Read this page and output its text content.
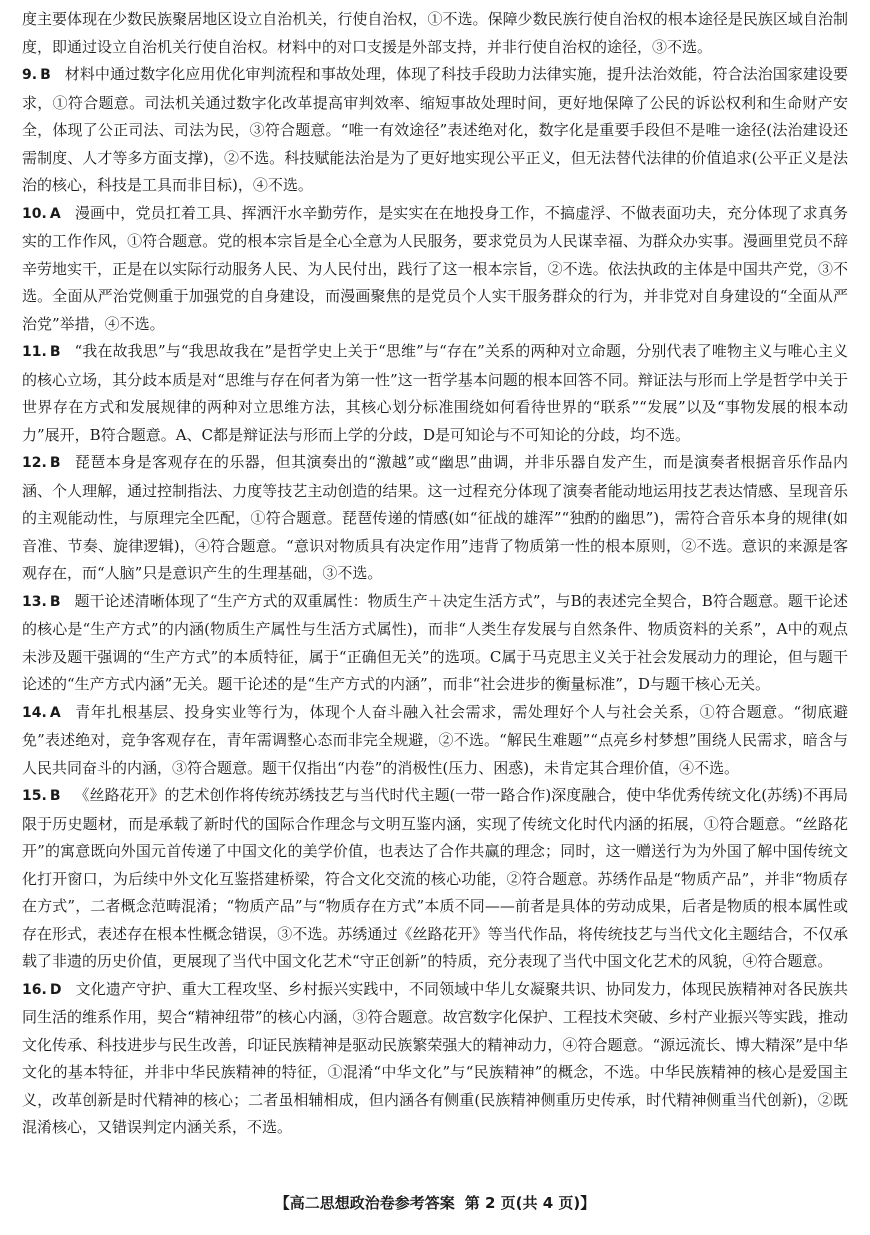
度主要体现在少数民族聚居地区设立自治机关，行使自治权，①不选。保障少数民族行使自治权的根本途径是民族区域自治制度，即通过设立自治机关行使自治权。材料中的对口支援是外部支持，并非行使自治权的途径，③不选。

9. B 材料中通过数字化应用优化审判流程和事故处理，体现了科技手段助力法律实施，提升法治效能，符合法治国家建设要求，①符合题意。司法机关通过数字化改革提高审判效率、缩短事故处理时间，更好地保障了公民的诉讼权利和生命财产安全，体现了公正司法、司法为民，③符合题意。“唯一有效途径”表述绝对化，数字化是重要手段但不是唯一途径(法治建设还需制度、人才等多方面支撑)，②不选。科技赋能法治是为了更好地实现公平正义，但无法替代法律的价值追求(公平正义是法治的核心，科技是工具而非目标)，④不选。

10. A 漫画中，党员扛着工具、挥洒汗水辛勤劳作，是实实在在地投身工作，不搞虚浮、不做表面功夫，充分体现了求真务实的工作作风，①符合题意。党的根本宗旨是全心全意为人民服务，要求党员为人民谋幸福、为群众办实事。漫画里党员不辞辛劳地实干，正是在以实际行动服务人民、为人民付出，践行了这一根本宗旨，②不选。依法执政的主体是中国共产党，③不选。全面从严治党侧重于加强党的自身建设，而漫画聚焦的是党员个人实干服务群众的行为，并非党对自身建设的“全面从严治党”举措，④不选。

11. B “我在故我思”与“我思故我在”是哲学史上关于“思维”与“存在”关系的两种对立命题，分别代表了唯物主义与唯心主义的核心立场，其分歧本质是对“思维与存在何者为第一性”这一哲学基本问题的根本回答不同。辩证法与形而上学是哲学中关于世界存在方式和发展规律的两种对立思维方法，其核心划分标准围绕如何看待世界的“联系”“发展”以及“事物发展的根本动力”展开，B符合题意。A、C都是辩证法与形而上学的分歧，D是可知论与不可知论的分歧，均不选。

12. B 琵琶本身是客观存在的乐器，但其演奏出的“激越”或“幽思”曲调，并非乐器自发产生，而是演奏者根据音乐作品内涵、个人理解，通过控制指法、力度等技艺主动创造的结果。这一过程充分体现了演奏者能动地运用技艺表达情感、呈现音乐的主观能动性，与原理完全匹配，①符合题意。琵琶传递的情感(如“征战的雄浑”“独酌的幽思”)，需符合音乐本身的规律(如音准、节奏、旋律逻辑)，④符合题意。“意识对物质具有决定作用”违背了物质第一性的根本原则，②不选。意识的来源是客观存在，而“人脑”只是意识产生的生理基础，③不选。

13. B 题干论述清晰体现了“生产方式的双重属性：物质生产＋决定生活方式”，与B的表述完全契合，B符合题意。题干论述的核心是“生产方式”的内涵(物质生产属性与生活方式属性)，而非“人类生存发展与自然条件、物质资料的关系”，A中的观点未涉及题干强调的“生产方式”的本质特征，属于“正确但无关”的选项。C属于马克思主义关于社会发展动力的理论，但与题干论述的“生产方式内涵”无关。题干论述的是“生产方式的内涵”，而非“社会进步的衡量标准”，D与题干核心无关。

14. A 青年扎根基层、投身实业等行为，体现个人奋斗融入社会需求，需处理好个人与社会关系，①符合题意。“彻底避免”表述绝对，竞争客观存在，青年需调整心态而非完全规避，②不选。“解民生难题”“点亮乡村梦想”围绕人民需求，暗含与人民共同奋斗的内涵，③符合题意。题干仅指出“内卷”的消极性(压力、困惑)，未肯定其合理价值，④不选。

15. B 《丝路花开》的艺术创作将传统苏绣技艺与当代时代主题(一带一路合作)深度融合，使中华优秀传统文化(苏绣)不再局限于历史题材，而是承载了新时代的国际合作理念与文明互鉴内涵，实现了传统文化时代内涵的拓展，①符合题意。“丝路花开”的寓意既向外国元首传递了中国文化的美学价值，也表达了合作共赢的理念；同时，这一赠送行为为外国了解中国传统文化打开窗口，为后续中外文化互鉴搭建桥梁，符合文化交流的核心功能，②符合题意。苏绣作品是“物质产品”，并非“物质存在方式”，二者概念范畴混淆；“物质产品”与“物质存在方式”本质不同——前者是具体的劳动成果，后者是物质的根本属性或存在形式，表述存在根本性概念错误，③不选。苏绣通过《丝路花开》等当代作品，将传统技艺与当代文化主题结合，不仅承载了非遗的历史价值，更展现了当代中国文化艺术“守正创新”的特质，充分表现了当代中国文化艺术的风貌，④符合题意。

16. D 文化遗产守护、重大工程攻坚、乡村振兴实践中，不同领域中华儿女凝聚共识、协同发力，体现民族精神对各民族共同生活的维系作用，契合“精神纽带”的核心内涵，③符合题意。故宫数字化保护、工程技术突破、乡村产业振兴等实践，推动文化传承、科技进步与民生改善，印证民族精神是驱动民族繁荣强大的精神动力，④符合题意。“源远流长、博大精深”是中华文化的基本特征，并非中华民族精神的特征，①混淆“中华文化”与“民族精神”的概念，不选。中华民族精神的核心是爱国主义，改革创新是时代精神的核心；二者虽相辅相成，但内涵各有侧重(民族精神侧重历史传承，时代精神侧重当代创新)，②既混淆核心，又错误判定内涵关系，不选。

【高二思想政治卷参考答案 第 2 页(共 4 页)】
